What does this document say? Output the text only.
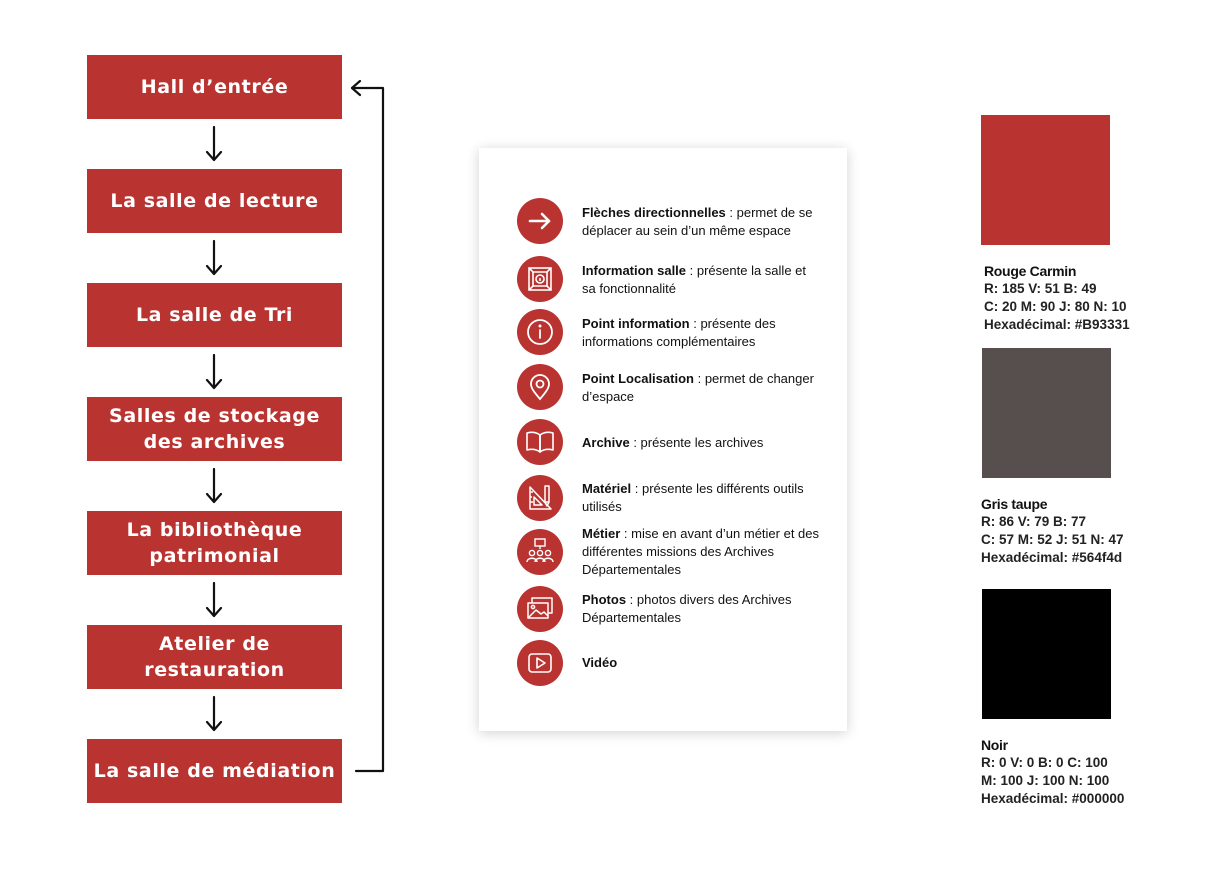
Hall d’entrée
La salle de lecture
La salle de Tri
Salles de stockage
des archives
La bibliothèque
patrimonial
Atelier de
restauration
La salle de médiation
Flèches directionnelles : permet de se déplacer au sein d’un même espace
Information salle : présente la salle et sa fonctionnalité
Point information : présente des informations complémentaires
Point Localisation : permet de changer d’espace
Archive : présente les archives
Matériel : présente les différents outils utilisés
Métier : mise en avant d’un métier et des différentes missions des Archives Départementales
Photos : photos divers des Archives Départementales
Vidéo
Rouge Carmin
R: 185 V: 51 B: 49
C: 20 M: 90 J: 80 N: 10
Hexadécimal: #B93331
Gris taupe
R: 86 V: 79 B: 77
C: 57 M: 52 J: 51 N: 47
Hexadécimal: #564f4d
Noir
R: 0 V: 0 B: 0 C: 100
M: 100 J: 100 N: 100
Hexadécimal: #000000
